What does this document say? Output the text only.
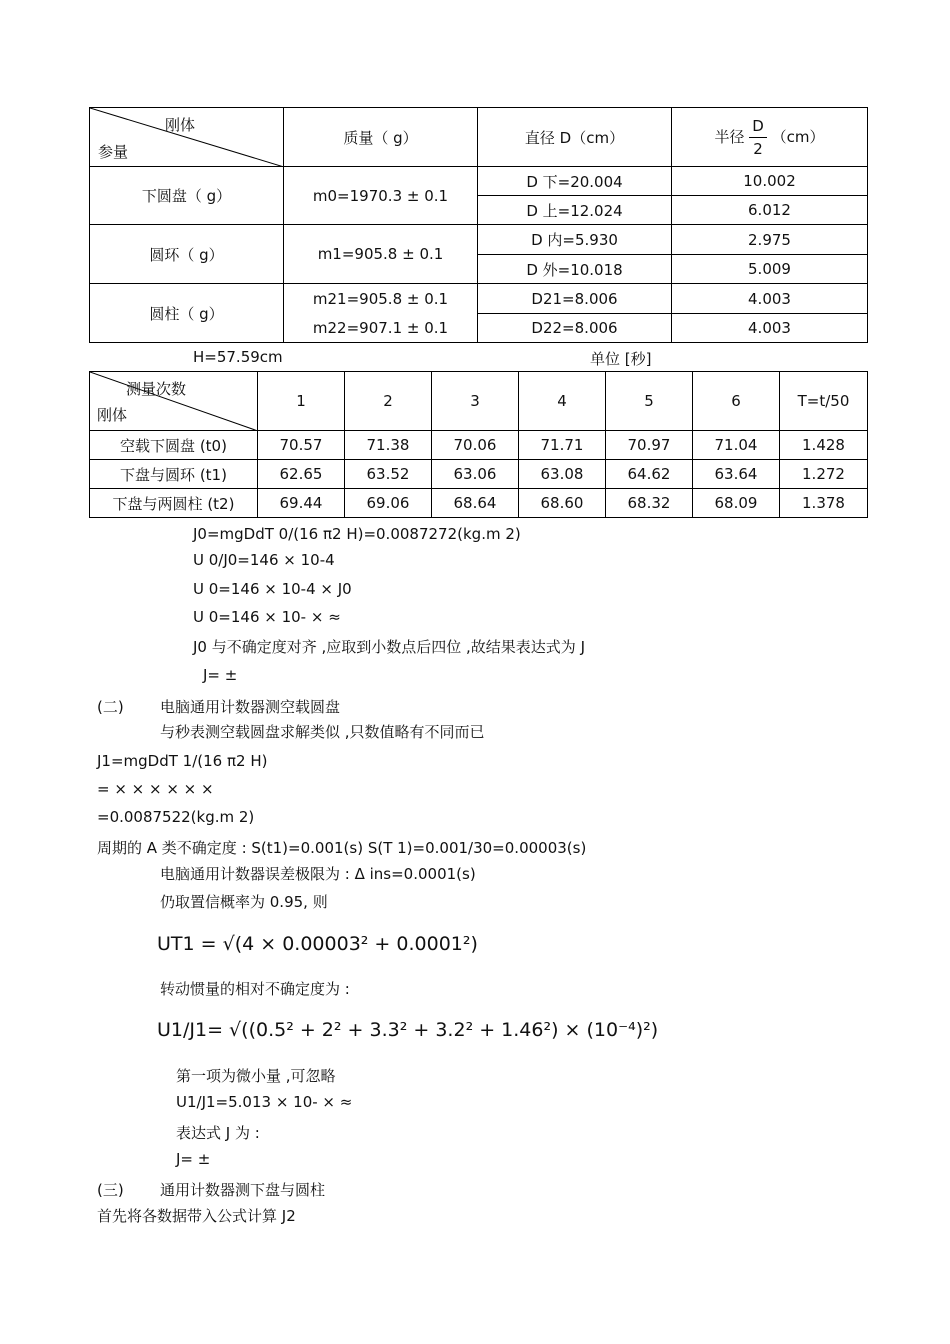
刚体
参量	质量（ g）	直径 D（cm）	半径 $\frac{D}{2} (cm)$
下圆盘（ g）	m0=1970.3 ± 0.1	D 下=20.004	10.002
		D 上=12.024	6.012
圆环（ g）	m1=905.8 ± 0.1	D 内=5.930	2.975
		D 外=10.018	5.009
圆柱（ g）	m21=905.8 ± 0.1	D21=8.006	4.003
	m22=907.1 ± 0.1	D22=8.006	4.003
H=57.59cm	单位 [秒]
测量次数
刚体	1	2	3	4	5	6	T=t/50
空载下圆盘 (t0)	70.57	71.38	70.06	71.71	70.97	71.04	1.428
下盘与圆环 (t1)	62.65	63.52	63.06	63.08	64.62	63.64	1.272
下盘与两圆柱 (t2)	69.44	69.06	68.64	68.60	68.32	68.09	1.378
J0=mgDdT 0/(16 π2 H)=0.0087272(kg.m 2)
U 0/J0=146 × 10-4
U 0=146 × 10-4 × J0
U 0=146 × 10- × ≈
J0 与不确定度对齐 ,应取到小数点后四位 ,故结果表达式为 J
J= ±
(二) 电脑通用计数器测空载圆盘
与秒表测空载圆盘求解类似 ,只数值略有不同而已
J1=mgDdT 1/(16 π2 H)
= × × × × × ×
=0.0087522(kg.m 2)
周期的 A 类不确定度 : S(t1)=0.001(s) S(T 1)=0.001/30=0.00003(s)
电脑通用计数器误差极限为 : Δ ins=0.0001(s)
仍取置信概率为 0.95, 则
UT1 = √(4 × 0.00003² + 0.0001²)
转动惯量的相对不确定度为 :
U1/J1= √((0.5² + 2² + 3.3² + 3.2² + 1.46²) × (10⁻⁴)²)
第一项为微小量 ,可忽略
U1/J1=5.013 × 10- × ≈
表达式 J 为 :
J= ±
(三) 通用计数器测下盘与圆柱
首先将各数据带入公式计算 J2
